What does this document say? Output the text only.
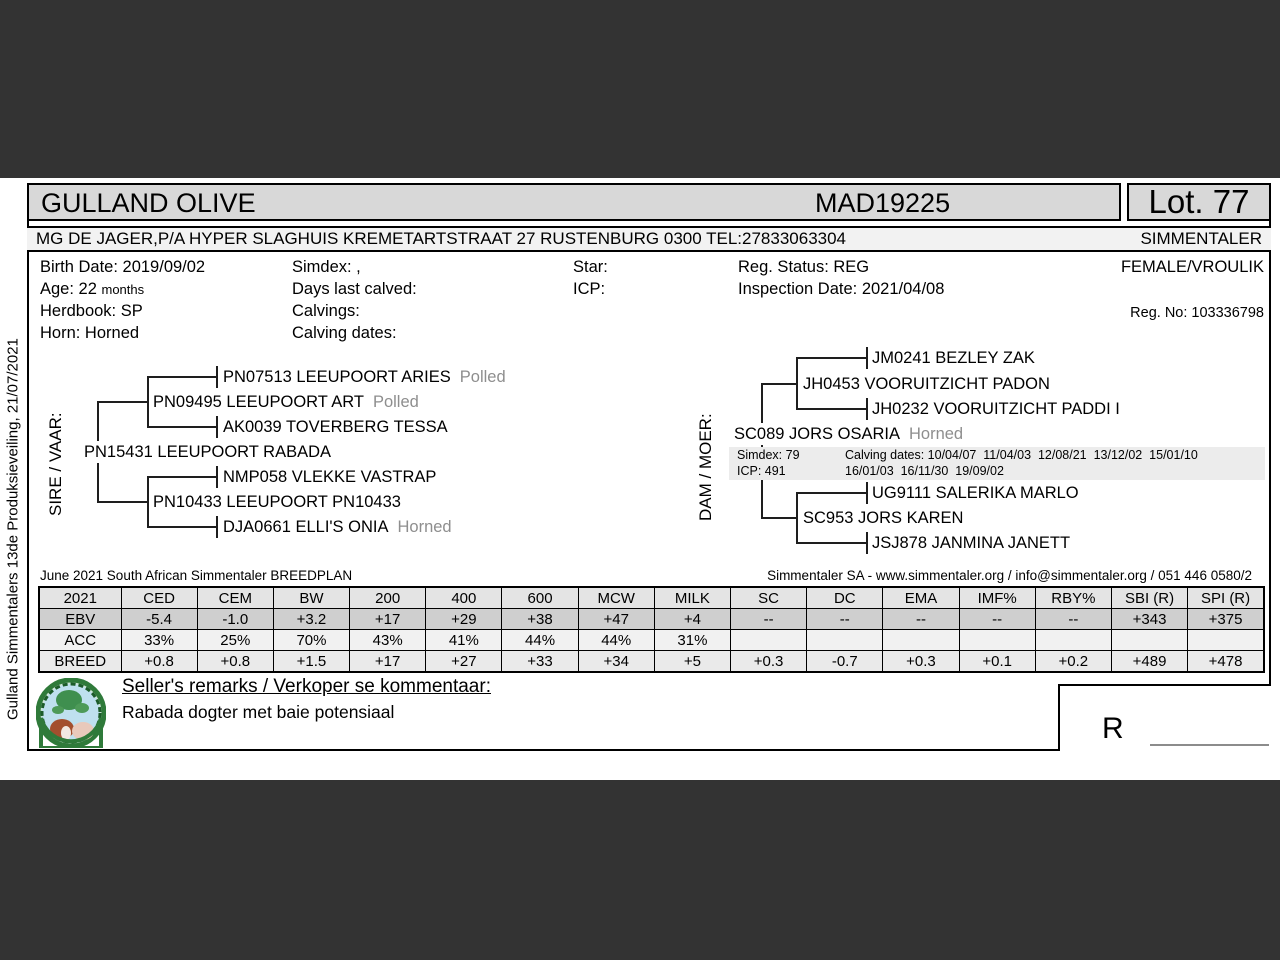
Gulland Simmentalers 13de Produksieveiling, 21/07/2021
GULLAND OLIVE	MAD19225	Lot. 77
MG DE JAGER,P/A HYPER SLAGHUIS KREMETARTSTRAAT 27 RUSTENBURG 0300 TEL:27833063304	SIMMENTALER
Birth Date: 2019/09/02
Age: 22 months
Herdbook: SP
Horn: Horned
Simdex: ,
Days last calved:
Calvings:
Calving dates:
Star:
ICP:
Reg. Status: REG
Inspection Date: 2021/04/08
FEMALE/VROULIK
Reg. No: 103336798
SIRE / VAAR:	DAM / MOER:
PN07513 LEEUPOORT ARIES Polled
PN09495 LEEUPOORT ART Polled
AK0039 TOVERBERG TESSA
PN15431 LEEUPOORT RABADA
NMP058 VLEKKE VASTRAP
PN10433 LEEUPOORT PN10433
DJA0661 ELLI'S ONIA Horned
JM0241 BEZLEY ZAK
JH0453 VOORUITZICHT PADON
JH0232 VOORUITZICHT PADDI I
SC089 JORS OSARIA Horned
Simdex: 79
ICP: 491
Calving dates: 10/04/07  11/04/03  12/08/21  13/12/02  15/01/10
16/01/03  16/11/30  19/09/02
UG9111 SALERIKA MARLO
SC953 JORS KAREN
JSJ878 JANMINA JANETT
June 2021 South African Simmentaler BREEDPLAN	Simmentaler SA - www.simmentaler.org / info@simmentaler.org / 051 446 0580/2
2021	CED	CEM	BW	200	400	600	MCW	MILK	SC	DC	EMA	IMF%	RBY%	SBI (R)	SPI (R)
EBV	-5.4	-1.0	+3.2	+17	+29	+38	+47	+4	--	--	--	--	--	+343	+375
ACC	33%	25%	70%	43%	41%	44%	44%	31%							
BREED	+0.8	+0.8	+1.5	+17	+27	+33	+34	+5	+0.3	-0.7	+0.3	+0.1	+0.2	+489	+478
Seller's remarks / Verkoper se kommentaar:
Rabada dogter met baie potensiaal	R
